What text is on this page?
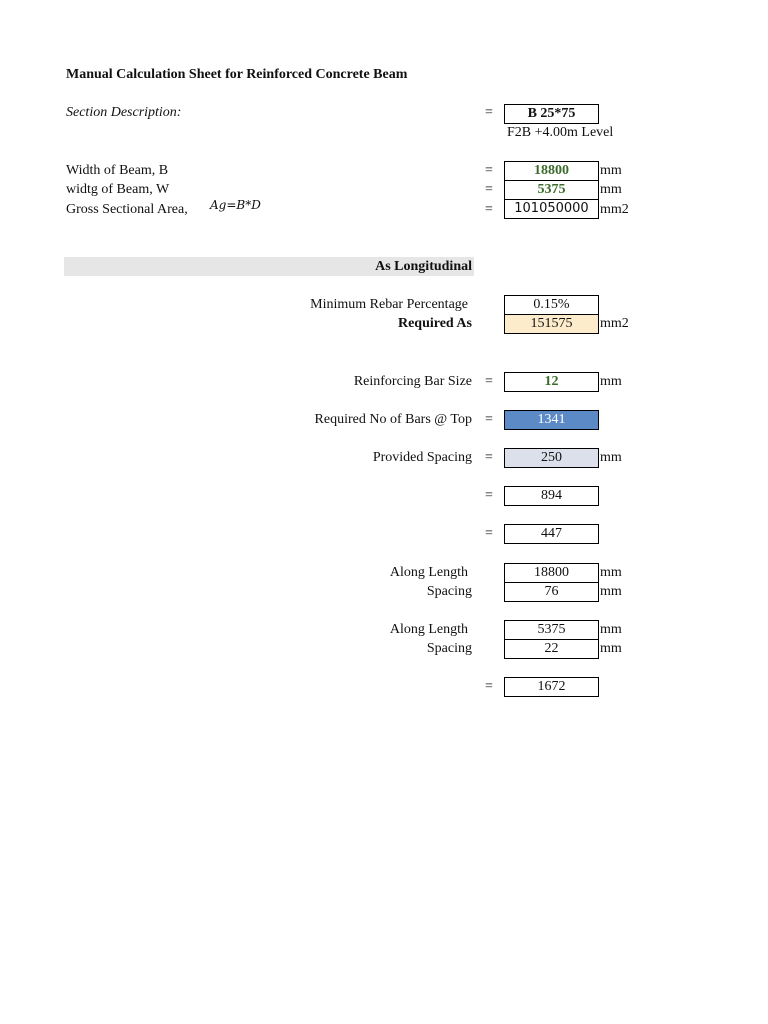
Manual Calculation Sheet for Reinforced Concrete Beam
Section Description:	=	B 25*75
F2B +4.00m Level
Width of Beam, B	=	18800	mm
widtg of Beam, W	=	5375	mm
Gross Sectional Area, Ag=B*D	=	101050000 mm2
As Longitudinal
Minimum Rebar Percentage	0.15%
Required As	151575	mm2
Reinforcing Bar Size =	12	mm
Required No of Bars @ Top =	1341
Provided Spacing =	250	mm
=	894
=	447
Along Length	18800	mm
Spacing	76	mm
Along Length	5375	mm
Spacing	22	mm
=	1672
